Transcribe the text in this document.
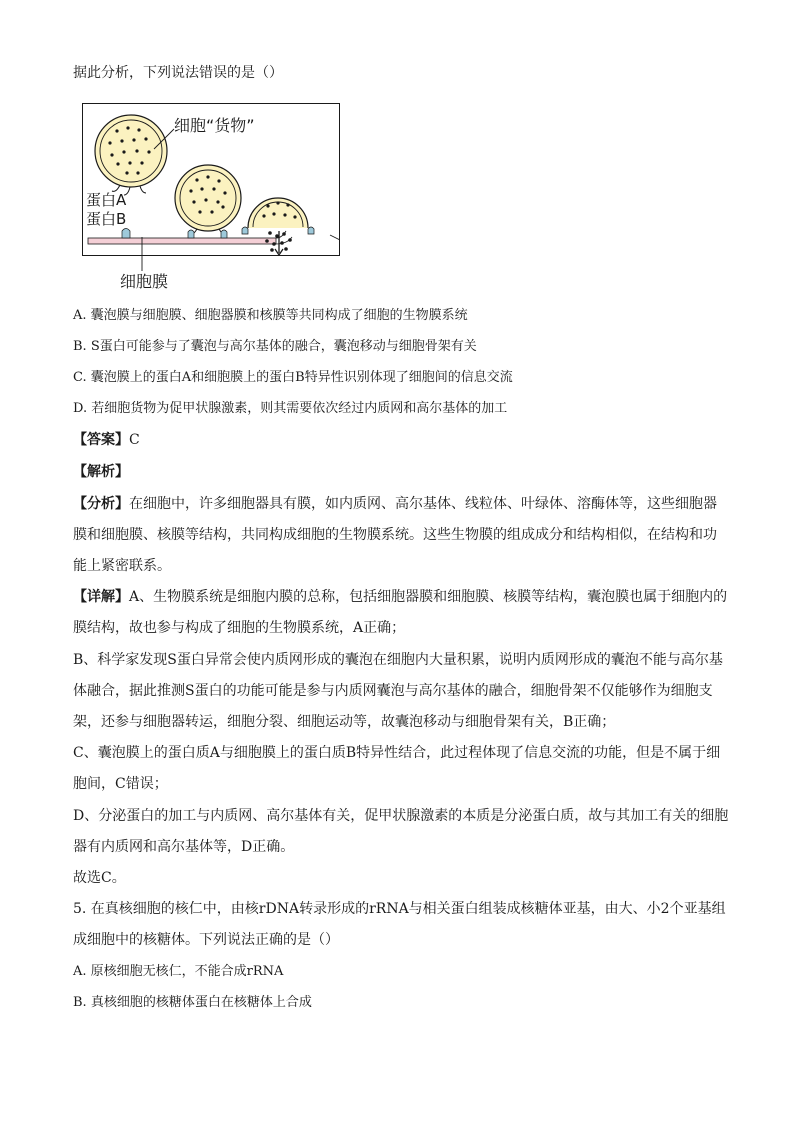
据此分析，下列说法错误的是（）
细胞“货物”
蛋白A
蛋白B
细胞膜
A. 囊泡膜与细胞膜、细胞器膜和核膜等共同构成了细胞的生物膜系统
B. S蛋白可能参与了囊泡与高尔基体的融合，囊泡移动与细胞骨架有关
C. 囊泡膜上的蛋白A和细胞膜上的蛋白B特异性识别体现了细胞间的信息交流
D. 若细胞货物为促甲状腺激素，则其需要依次经过内质网和高尔基体的加工
【答案】C
【解析】
【分析】在细胞中，许多细胞器具有膜，如内质网、高尔基体、线粒体、叶绿体、溶酶体等，这些细胞器
膜和细胞膜、核膜等结构，共同构成细胞的生物膜系统。这些生物膜的组成成分和结构相似，在结构和功
能上紧密联系。
【详解】A、生物膜系统是细胞内膜的总称，包括细胞器膜和细胞膜、核膜等结构，囊泡膜也属于细胞内的
膜结构，故也参与构成了细胞的生物膜系统，A正确；
B、科学家发现S蛋白异常会使内质网形成的囊泡在细胞内大量积累，说明内质网形成的囊泡不能与高尔基
体融合，据此推测S蛋白的功能可能是参与内质网囊泡与高尔基体的融合，细胞骨架不仅能够作为细胞支
架，还参与细胞器转运，细胞分裂、细胞运动等，故囊泡移动与细胞骨架有关，B正确；
C、囊泡膜上的蛋白质A与细胞膜上的蛋白质B特异性结合，此过程体现了信息交流的功能，但是不属于细
胞间，C错误；
D、分泌蛋白的加工与内质网、高尔基体有关，促甲状腺激素的本质是分泌蛋白质，故与其加工有关的细胞
器有内质网和高尔基体等，D正确。
故选C。
5. 在真核细胞的核仁中，由核rDNA转录形成的rRNA与相关蛋白组装成核糖体亚基，由大、小2个亚基组
成细胞中的核糖体。下列说法正确的是（）
A. 原核细胞无核仁，不能合成rRNA
B. 真核细胞的核糖体蛋白在核糖体上合成
